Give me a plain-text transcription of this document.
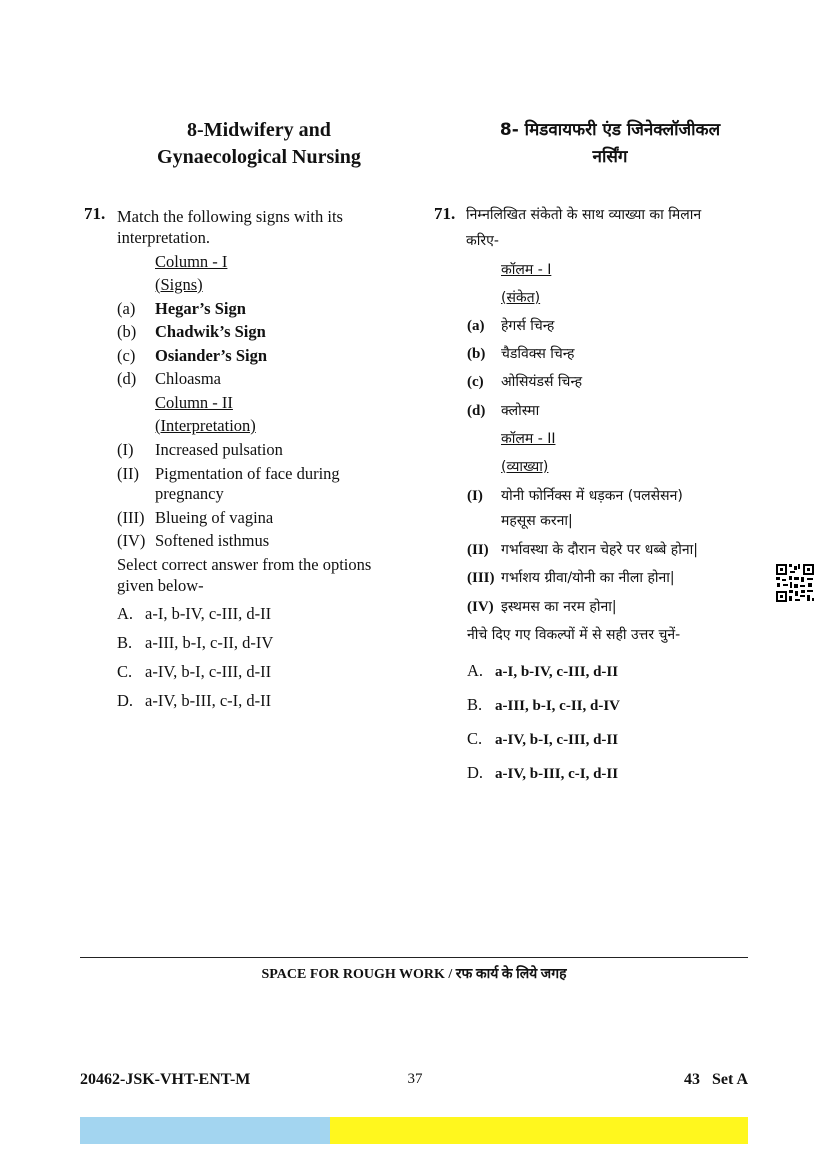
8-Midwifery and
Gynaecological Nursing
8- मिडवायफरी एंड जिनेक्लॉजीकल
नर्सिंग
71. Match the following signs with its
interpretation.
Column - I
(Signs)
(a) Hegar’s Sign
(b) Chadwik’s Sign
(c) Osiander’s Sign
(d) Chloasma
Column - II
(Interpretation)
(I) Increased pulsation
(II) Pigmentation of face during
pregnancy
(III) Blueing of vagina
(IV) Softened isthmus
Select correct answer from the options
given below-
A. a-I, b-IV, c-III, d-II
B. a-III, b-I, c-II, d-IV
C. a-IV, b-I, c-III, d-II
D. a-IV, b-III, c-I, d-II
71. निम्नलिखित संकेतो के साथ व्याख्या का मिलान
करिए-
कॉलम - I
(संकेत)
(a) हेगर्स चिन्ह
(b) चैडविक्स चिन्ह
(c) ओसियंडर्स चिन्ह
(d) क्लोस्मा
कॉलम - II
(व्याख्या)
(I) योनी फोर्निक्स में धड़कन (पलसेसन)
महसूस करना|
(II) गर्भावस्था के दौरान चेहरे पर धब्बे होना|
(III) गर्भाशय ग्रीवा/योनी का नीला होना|
(IV) इस्थमस का नरम होना|
नीचे दिए गए विकल्पों में से सही उत्तर चुनें-
A. a-I, b-IV, c-III, d-II
B. a-III, b-I, c-II, d-IV
C. a-IV, b-I, c-III, d-II
D. a-IV, b-III, c-I, d-II
SPACE FOR ROUGH WORK / रफ कार्य के लिये जगह
20462-JSK-VHT-ENT-M	37	43   Set A
